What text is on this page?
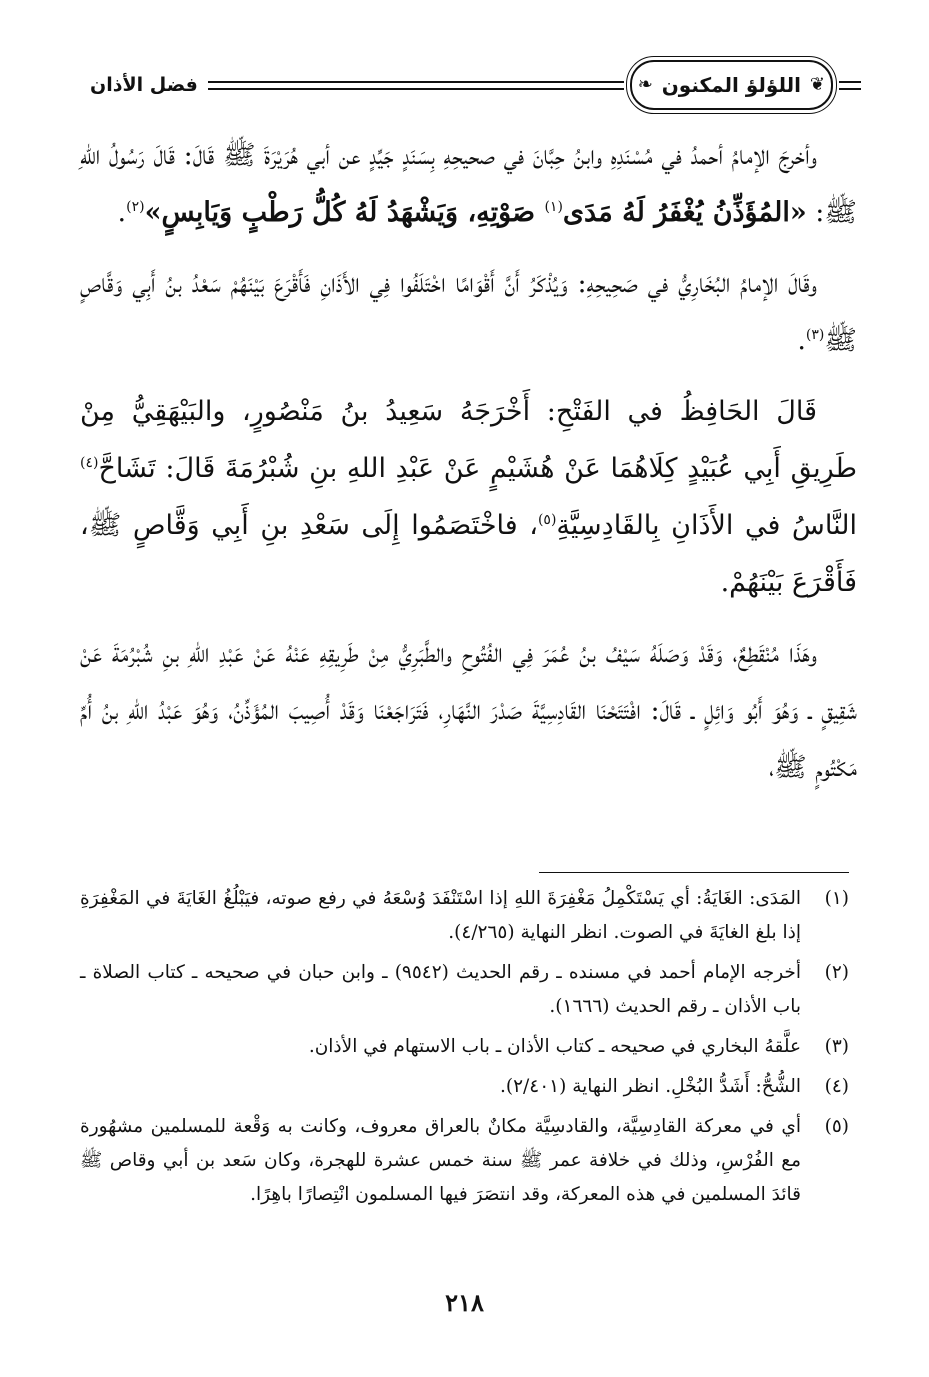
❦
اللؤلؤ المكنون
❧
فضل الأذان

وأخرجَ الإمامُ أحمدُ في مُسْنَدِهِ وابنُ حِبَّانَ في صحيحِهِ بِسَنَدٍ جَيِّدٍ عن أبي هُرَيْرَةَ ﷺ قَالَ: قَالَ رَسُولُ اللهِ ﷺ: «المُؤَذِّنُ يُغْفَرُ لَهُ مَدَى$^{(١)}$ صَوْتِهِ، وَيَشْهَدُ لَهُ كُلُّ رَطْبٍ وَيَابِسٍ»$^{(٢)}$.

وقَالَ الإمامُ البُخَارِيُّ في صَحِيحِهِ: وَيُذْكَرُ أَنَّ أَقْوَامًا اخْتَلَفُوا فِي الأَذَانِ فَأَقْرَعَ بَيْنَهُمْ سَعْدُ بنُ أَبِي وَقَّاصٍ ﷺ$^{(٣)}$.

قَالَ الحَافِظُ في الفَتْحِ: أَخْرَجَهُ سَعِيدُ بنُ مَنْصُورٍ، والبَيْهَقِيُّ مِنْ طَرِيقِ أَبِي عُبَيْدٍ كِلَاهُمَا عَنْ هُشَيْمٍ عَنْ عَبْدِ اللهِ بنِ شُبْرُمَةَ قَالَ: تَشَاحَّ$^{(٤)}$ النَّاسُ في الأَذَانِ بِالقَادِسِيَّةِ$^{(٥)}$، فاخْتَصَمُوا إِلَى سَعْدِ بنِ أَبِي وَقَّاصٍ ﷺ، فَأَقْرَعَ بَيْنَهُمْ.

وهَذَا مُنْقَطِعٌ، وَقَدْ وَصَلَهُ سَيْفُ بنُ عُمَرَ فِي الفُتُوحِ والطَّبَرِيُّ مِنْ طَرِيقِهِ عَنْهُ عَنْ عَبْدِ اللهِ بنِ شُبْرُمَةَ عَنْ شَقِيقٍ ـ وَهُوَ أَبُو وَائِلٍ ـ قَالَ: افْتَتَحْنَا القَادِسِيَّةَ صَدْرَ النَّهَارِ، فَتَرَاجَعْنَا وَقَدْ أُصِيبَ المُؤَذِّنُ، وَهُوَ عَبْدُ اللهِ بنُ أُمِّ مَكْتُومٍ ﷺ،

(١)
المَدَى: الغَايَةُ: أي يَسْتَكْمِلُ مَغْفِرَةَ اللهِ إذا اسْتَنْفَدَ وُسْعَهُ في رفع صوته، فيَبْلُغُ الغَايَةَ في المَغْفِرَةِ إذا بلغ الغايَةَ في الصوت. انظر النهاية (٤/٢٦٥).
(٢)
أخرجه الإمام أحمد في مسنده ـ رقم الحديث (٩٥٤٢) ـ وابن حبان في صحيحه ـ كتاب الصلاة ـ باب الأذان ـ رقم الحديث (١٦٦٦).
(٣)
علَّقهُ البخاري في صحيحه ـ كتاب الأذان ـ باب الاستهام في الأذان.
(٤)
الشُّحُّ: أَشَدُّ البُخْلِ. انظر النهاية (٢/٤٠١).
(٥)
أي في معركة القادِسِيَّة، والقادسِيَّة مكانٌ بالعراق معروف، وكانت به وَقْعة للمسلمين مشهُورة مع الفُرْسِ، وذلك في خلافة عمر ﷺ سنة خمس عشرة للهجرة، وكان سَعد بن أبي وقاص ﷺ قائدَ المسلمين في هذه المعركة، وقد انتصَرَ فيها المسلمون انْتِصارًا باهِرًا.
٢١٨
